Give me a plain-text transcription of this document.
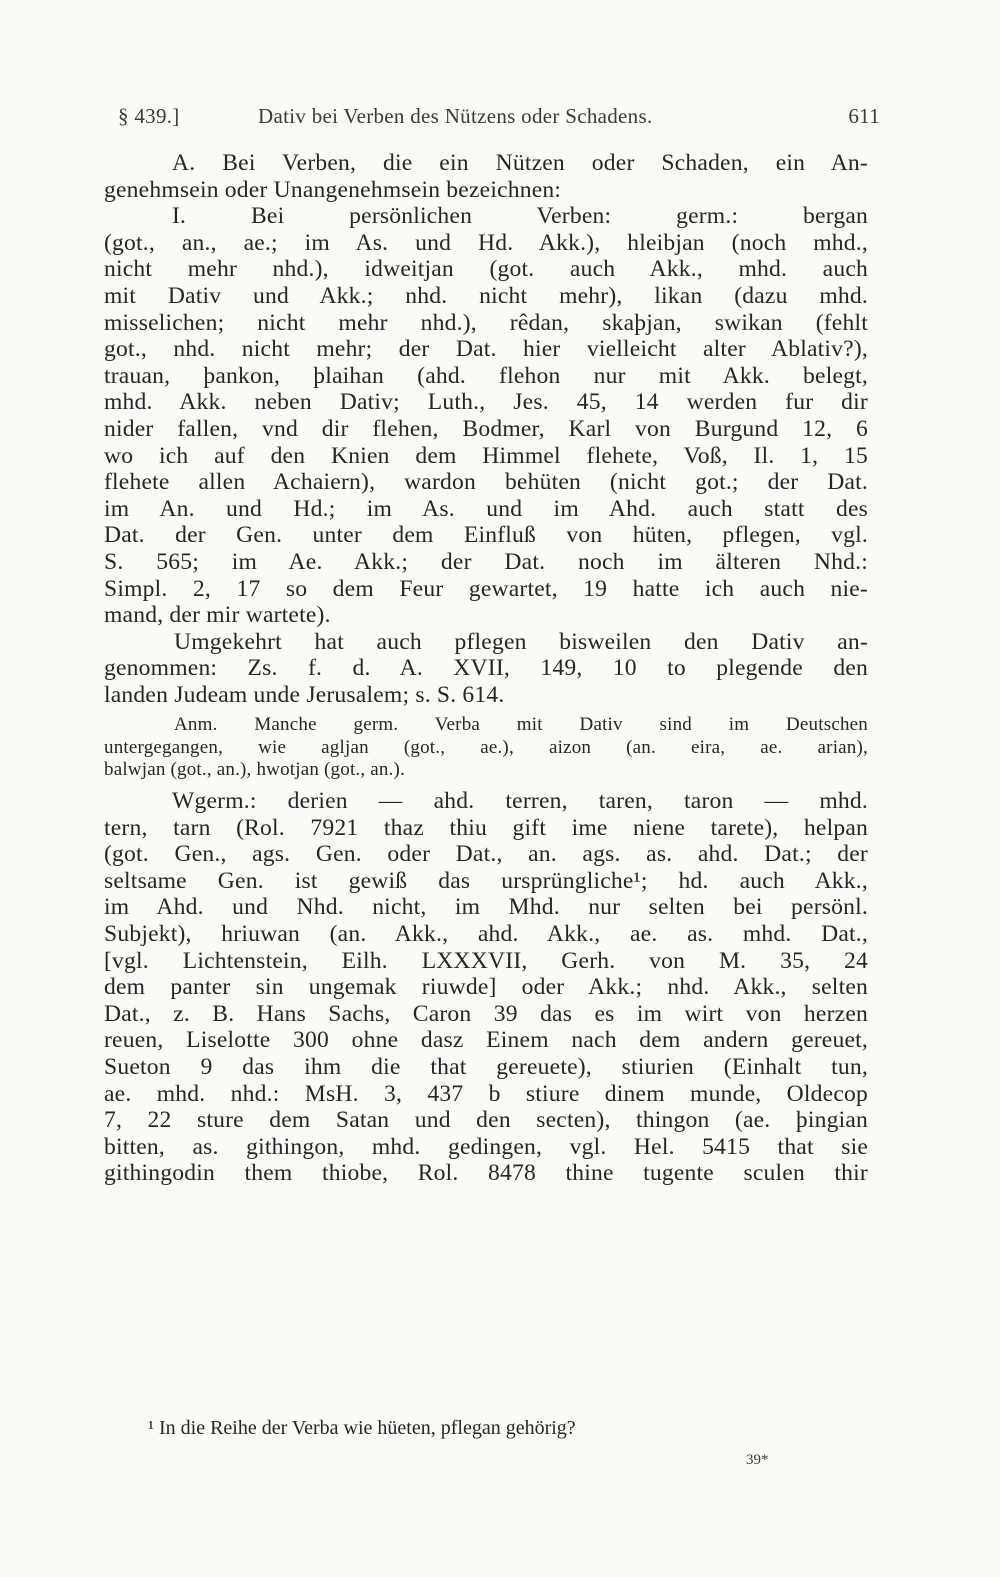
§ 439.]	Dativ bei Verben des Nützens oder Schadens.	611
A. Bei Verben, die ein Nützen oder Schaden, ein An-
genehmsein oder Unangenehmsein bezeichnen:
I. Bei persönlichen Verben: germ.: bergan
(got., an., ae.; im As. und Hd. Akk.), hleibjan (noch mhd.,
nicht mehr nhd.), idweitjan (got. auch Akk., mhd. auch
mit Dativ und Akk.; nhd. nicht mehr), likan (dazu mhd.
misselichen; nicht mehr nhd.), rêdan, skaþjan, swikan (fehlt
got., nhd. nicht mehr; der Dat. hier vielleicht alter Ablativ?),
trauan, þankon, þlaihan (ahd. flehon nur mit Akk. belegt,
mhd. Akk. neben Dativ; Luth., Jes. 45, 14 werden fur dir
nider fallen, vnd dir flehen, Bodmer, Karl von Burgund 12, 6
wo ich auf den Knien dem Himmel flehete, Voß, Il. 1, 15
flehete allen Achaiern), wardon behüten (nicht got.; der Dat.
im An. und Hd.; im As. und im Ahd. auch statt des
Dat. der Gen. unter dem Einfluß von hüten, pflegen, vgl.
S. 565; im Ae. Akk.; der Dat. noch im älteren Nhd.:
Simpl. 2, 17 so dem Feur gewartet, 19 hatte ich auch nie-
mand, der mir wartete).
Umgekehrt hat auch pflegen bisweilen den Dativ an-
genommen: Zs. f. d. A. XVII, 149, 10 to plegende den
landen Judeam unde Jerusalem; s. S. 614.
Anm. Manche germ. Verba mit Dativ sind im Deutschen
untergegangen, wie agljan (got., ae.), aizon (an. eira, ae. arian),
balwjan (got., an.), hwotjan (got., an.).
Wgerm.: derien — ahd. terren, taren, taron — mhd.
tern, tarn (Rol. 7921 thaz thiu gift ime niene tarete), helpan
(got. Gen., ags. Gen. oder Dat., an. ags. as. ahd. Dat.; der
seltsame Gen. ist gewiß das ursprüngliche¹; hd. auch Akk.,
im Ahd. und Nhd. nicht, im Mhd. nur selten bei persönl.
Subjekt), hriuwan (an. Akk., ahd. Akk., ae. as. mhd. Dat.,
[vgl. Lichtenstein, Eilh. LXXXVII, Gerh. von M. 35, 24
dem panter sin ungemak riuwde] oder Akk.; nhd. Akk., selten
Dat., z. B. Hans Sachs, Caron 39 das es im wirt von herzen
reuen, Liselotte 300 ohne dasz Einem nach dem andern gereuet,
Sueton 9 das ihm die that gereuete), stiurien (Einhalt tun,
ae. mhd. nhd.: MsH. 3, 437 b stiure dinem munde, Oldecop
7, 22 sture dem Satan und den secten), thingon (ae. þingian
bitten, as. githingon, mhd. gedingen, vgl. Hel. 5415 that sie
githingodin them thiobe, Rol. 8478 thine tugente sculen thir
¹ In die Reihe der Verba wie hüeten, pflegan gehörig?
39*
